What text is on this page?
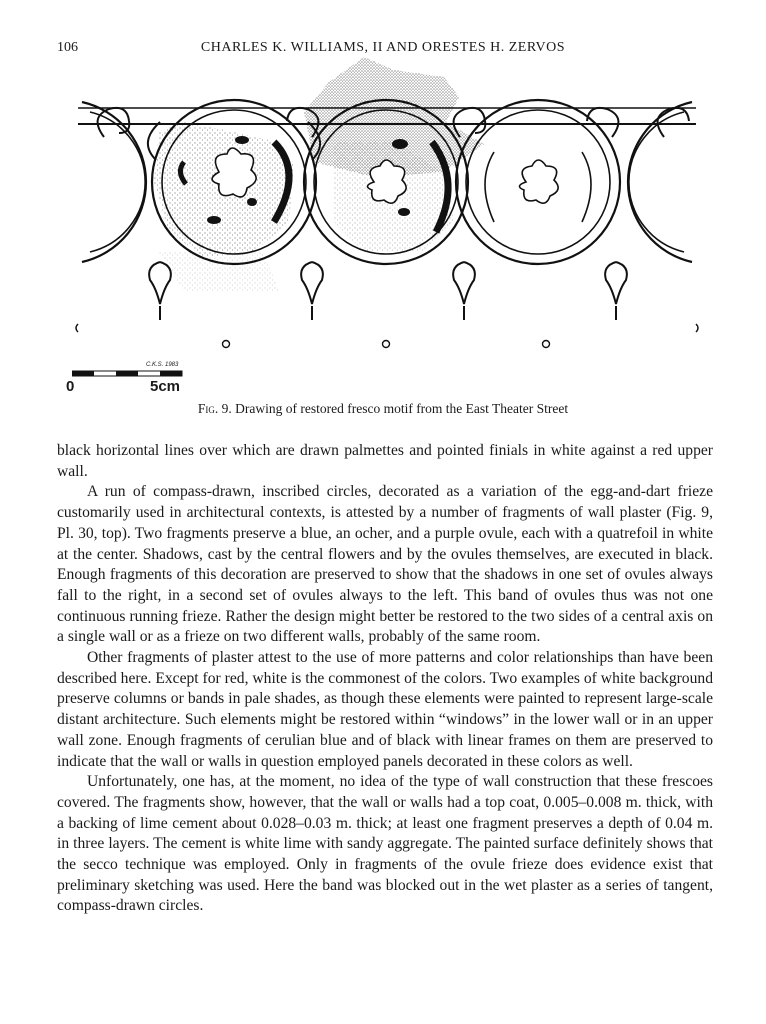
106	CHARLES K. WILLIAMS, II AND ORESTES H. ZERVOS
C.K.S. 1983
0	5cm
Fig. 9. Drawing of restored fresco motif from the East Theater Street

black horizontal lines over which are drawn palmettes and pointed finials in white against a red upper wall.

A run of compass-drawn, inscribed circles, decorated as a variation of the egg-and-dart frieze customarily used in architectural contexts, is attested by a number of fragments of wall plaster (Fig. 9, Pl. 30, top). Two fragments preserve a blue, an ocher, and a purple ovule, each with a quatrefoil in white at the center. Shadows, cast by the central flowers and by the ovules themselves, are executed in black. Enough fragments of this decoration are preserved to show that the shadows in one set of ovules always fall to the right, in a second set of ovules always to the left. This band of ovules thus was not one continuous running frieze. Rather the design might better be restored to the two sides of a central axis on a single wall or as a frieze on two different walls, probably of the same room.

Other fragments of plaster attest to the use of more patterns and color relationships than have been described here. Except for red, white is the commonest of the colors. Two examples of white background preserve columns or bands in pale shades, as though these elements were painted to represent large-scale distant architecture. Such elements might be restored within “windows” in the lower wall or in an upper wall zone. Enough fragments of cerulian blue and of black with linear frames on them are preserved to indicate that the wall or walls in question employed panels decorated in these colors as well.

Unfortunately, one has, at the moment, no idea of the type of wall construction that these frescoes covered. The fragments show, however, that the wall or walls had a top coat, 0.005–0.008 m. thick, with a backing of lime cement about 0.028–0.03 m. thick; at least one fragment preserves a depth of 0.04 m. in three layers. The cement is white lime with sandy aggregate. The painted surface definitely shows that the secco technique was employed. Only in fragments of the ovule frieze does evidence exist that preliminary sketching was used. Here the band was blocked out in the wet plaster as a series of tangent, compass-drawn circles.
